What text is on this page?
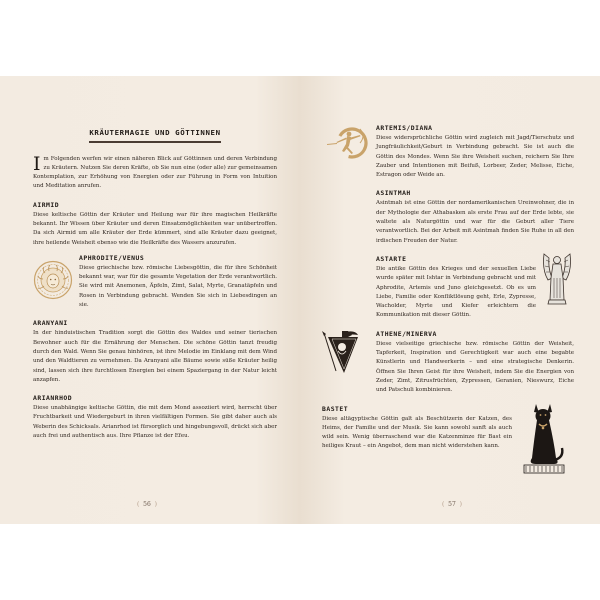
KRÄUTERMAGIE UND GÖTTINNEN
I m Folgenden werfen wir einen näheren Blick auf Göttinnen und deren Verbindung zu Kräutern. Nutzen Sie deren Kräfte, ob Sie nun eine (oder alle) zur gemeinsamen Kontemplation, zur Erhöhung von Energien oder zur Führung in Form von Intuition und Meditation anrufen.

AIRMID

Diese keltische Göttin der Kräuter und Heilung war für ihre magischen Heilkräfte bekannt. Ihr Wissen über Kräuter und deren Einsatzmöglichkeiten war unübertroffen. Da sich Airmid um alle Kräuter der Erde kümmert, sind alle Kräuter dazu geeignet, ihre heilende Weisheit ebenso wie die Heilkräfte des Wassers anzurufen.

APHRODITE/VENUS

Diese griechische bzw. römische Liebesgöttin, die für ihre Schönheit bekannt war, war für die gesamte Vegetation der Erde verantwortlich. Sie wird mit Anemonen, Äpfeln, Zimt, Salat, Myrte, Granatäpfeln und Rosen in Verbindung gebracht. Wenden Sie sich in Liebesdingen an sie.

ARANYANI

In der hinduistischen Tradition sorgt die Göttin des Waldes und seiner tierischen Bewohner auch für die Ernährung der Menschen. Die schöne Göttin tanzt freudig durch den Wald. Wenn Sie genau hinhören, ist ihre Melodie im Einklang mit dem Wind und den Waldtieren zu vernehmen. Da Aranyani alle Bäume sowie süße Kräuter heilig sind, lassen sich ihre furchtlosen Energien bei einem Spaziergang in der Natur leicht anzapfen.

ARIANRHOD

Diese unabhängige keltische Göttin, die mit dem Mond assoziiert wird, herrscht über Fruchtbarkeit und Wiedergeburt in ihren vielfältigen Formen. Sie gibt daher auch als Weberin des Schicksals. Arianrhod ist fürsorglich und hingebungsvoll, drückt sich aber auch frei und authentisch aus. Ihre Pflanze ist der Efeu.

( 56 )
ARTEMIS/DIANA

Diese widersprüchliche Göttin wird zugleich mit Jagd/Tierschutz und Jungfräulichkeit/Geburt in Verbindung gebracht. Sie ist auch die Göttin des Mondes. Wenn Sie ihre Weisheit suchen, reichern Sie Ihre Zauber und Intentionen mit Beifuß, Lorbeer, Zeder, Melisse, Eiche, Estragon oder Weide an.

ASINTMAH

Asintmah ist eine Göttin der nordamerikanischen Ureinwohner, die in der Mythologie der Athabasken als erste Frau auf der Erde lebte, sie waltete als Naturgöttin und war für die Geburt aller Tiere verantwortlich. Bei der Arbeit mit Asintmah finden Sie Ruhe in all den irdischen Freuden der Natur.

ASTARTE

Die antike Göttin des Krieges und der sexuellen Liebe wurde später mit Ishtar in Verbindung gebracht und mit Aphrodite, Artemis und Juno gleichgesetzt. Ob es um Liebe, Familie oder Konfliktlösung geht, Erle, Zypresse, Wacholder, Myrte und Kiefer erleichtern die Kommunikation mit dieser Göttin.

ATHENE/MINERVA

Diese vielseitige griechische bzw. römische Göttin der Weisheit, Tapferkeit, Inspiration und Gerechtigkeit war auch eine begabte Künstlerin und Handwerkerin – und eine strategische Denkerin. Öffnen Sie Ihren Geist für ihre Weisheit, indem Sie die Energien von Zeder, Zimt, Zitrusfrüchten, Zypressen, Geranien, Nieswurz, Eiche und Patschuli kombinieren.

BASTET

Diese altägyptische Göttin galt als Beschützerin der Katzen, des Heims, der Familie und der Musik. Sie kann sowohl sanft als auch wild sein. Wenig überraschend war die Katzenminze für Bast ein heiliges Kraut – ein Angebot, dem man nicht widerstehen kann.

( 57 )
